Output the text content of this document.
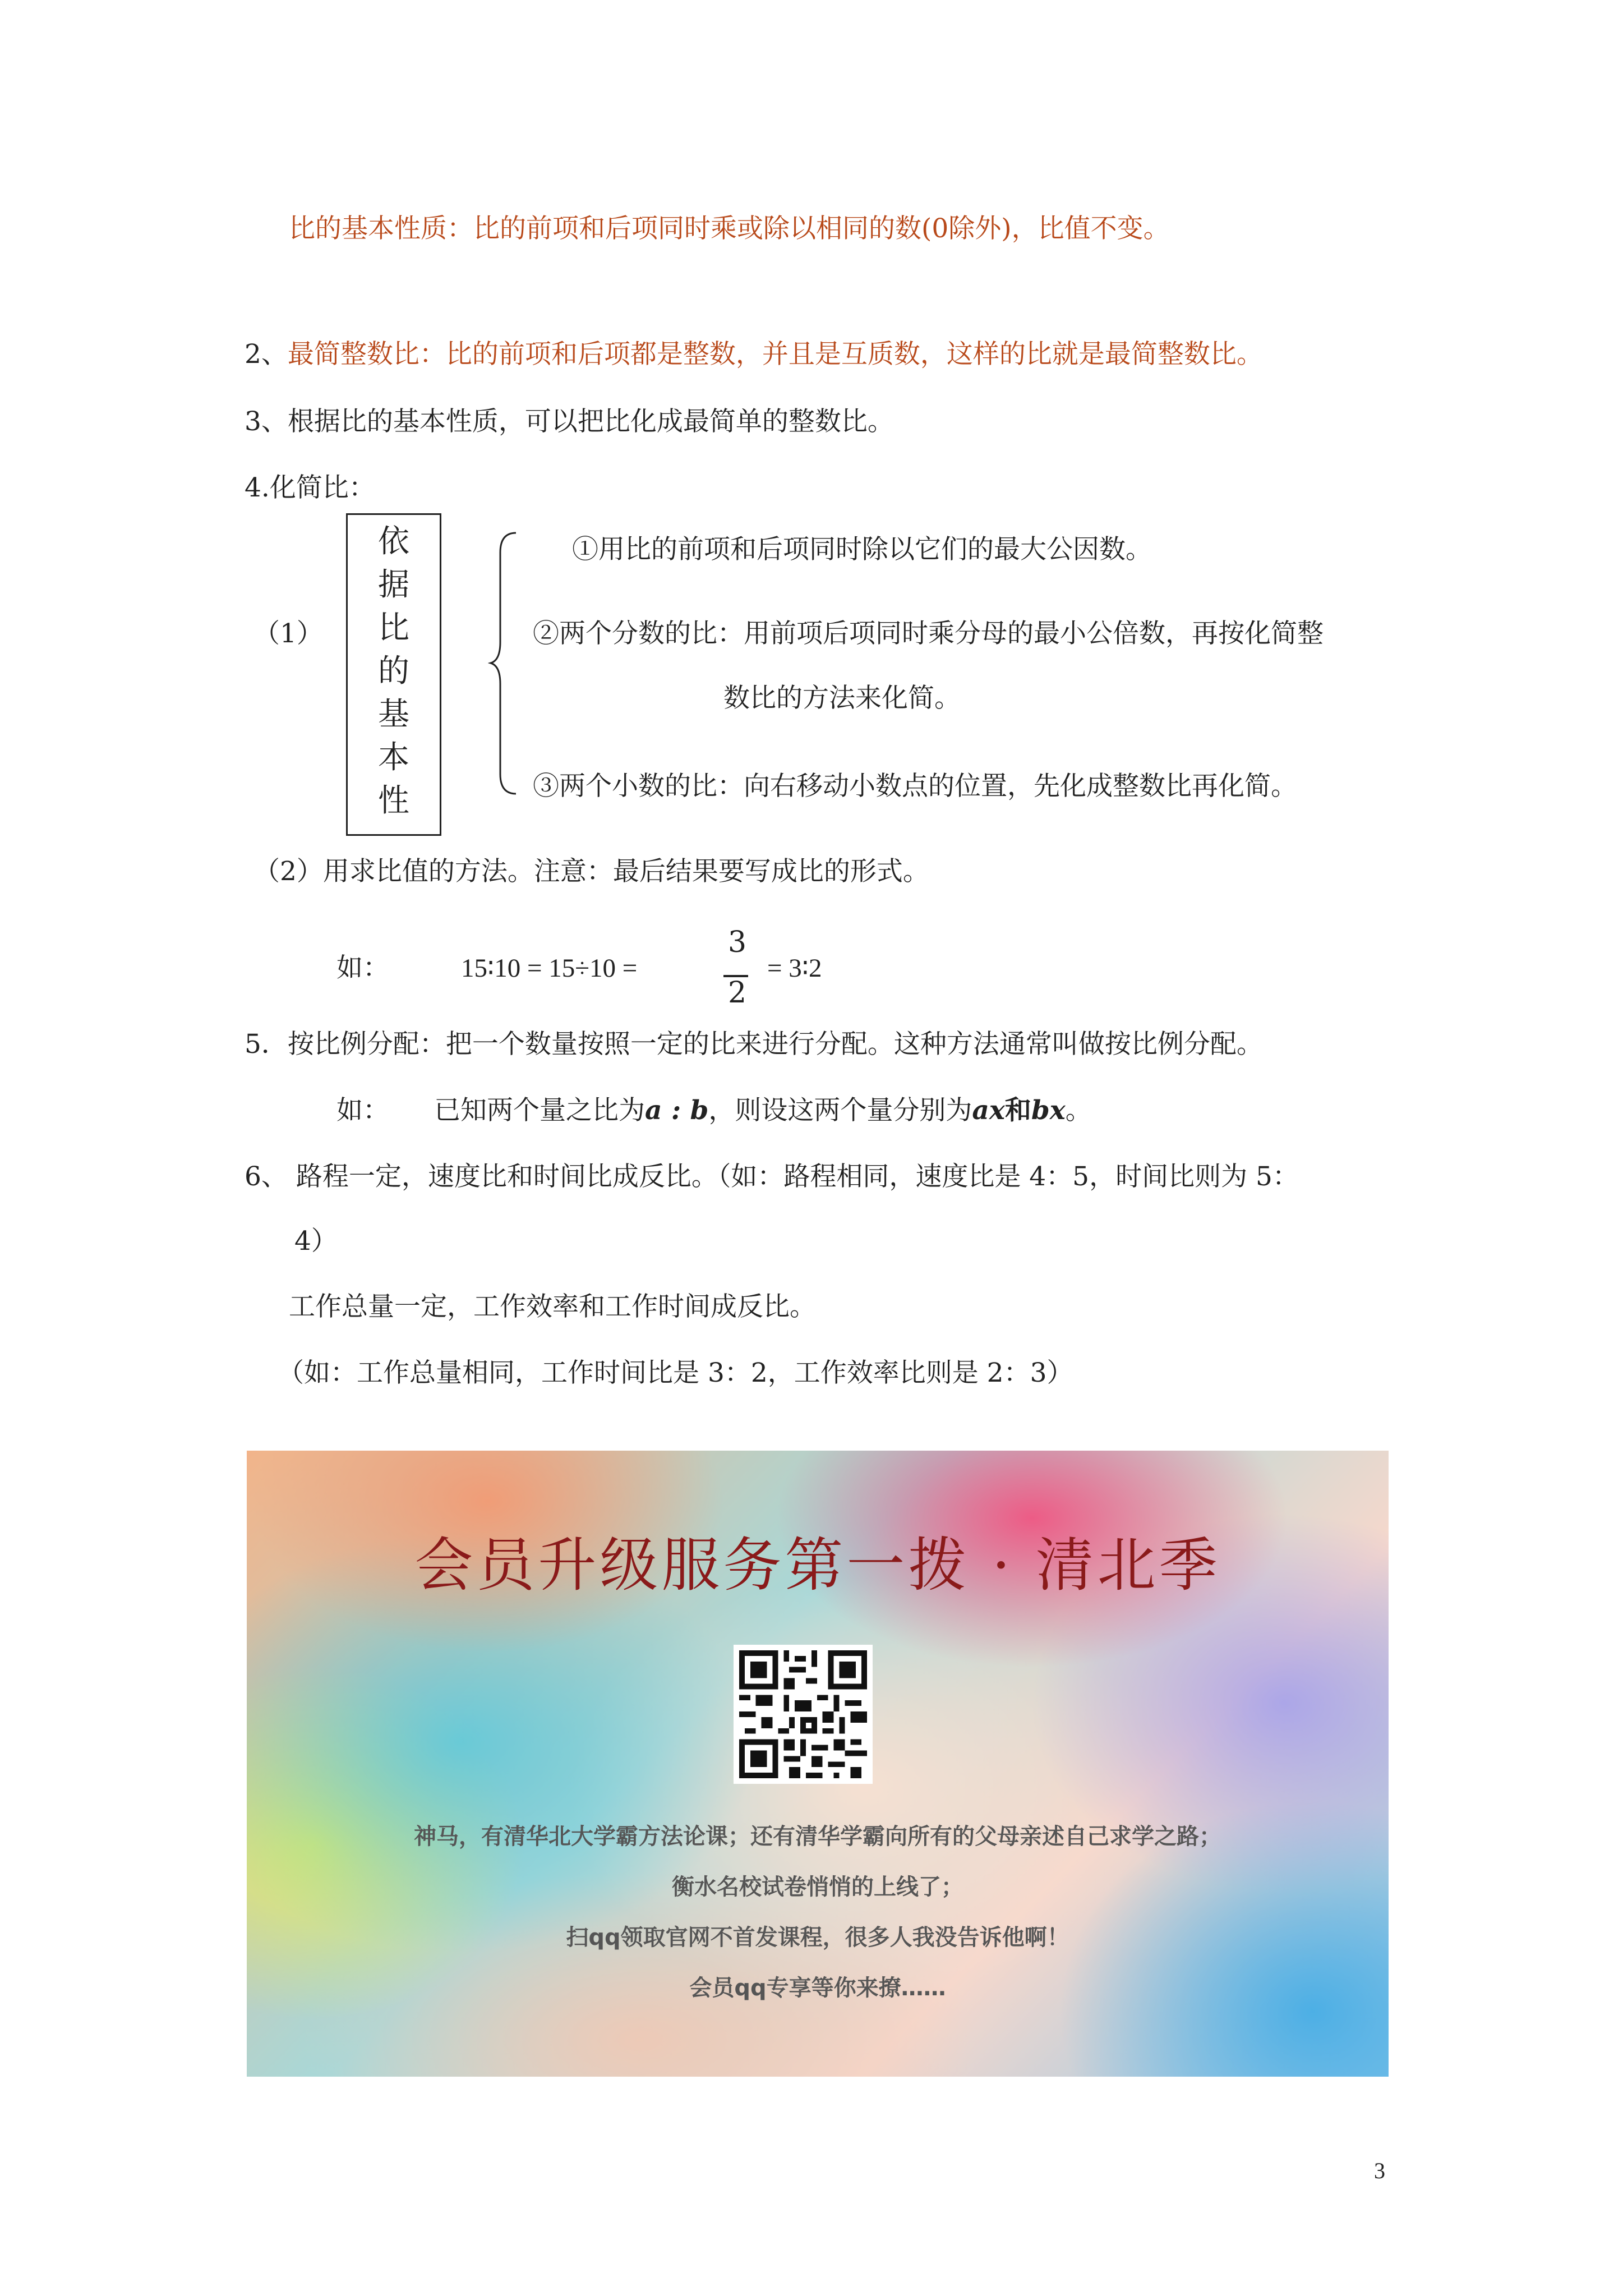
比的基本性质：比的前项和后项同时乘或除以相同的数(0除外)，比值不变。
2、最简整数比：比的前项和后项都是整数，并且是互质数，这样的比就是最简整数比。
3、根据比的基本性质，可以把比化成最简单的整数比。
4.化简比：
（1）
依
据
比
的
基
本
性
①用比的前项和后项同时除以它们的最大公因数。
②两个分数的比：用前项后项同时乘分母的最小公倍数，再按化简整
数比的方法来化简。
③两个小数的比：向右移动小数点的位置，先化成整数比再化简。
（2）用求比值的方法。注意：最后结果要写成比的形式。
如：	15∶10 = 15÷10 =
3
2
= 3∶2
5．按比例分配：把一个数量按照一定的比来进行分配。这种方法通常叫做按比例分配。
如： 已知两个量之比为a : b，则设这两个量分别为ax和bx。
6、 路程一定，速度比和时间比成反比。（如：路程相同，速度比是 4：5，时间比则为 5：
4）
工作总量一定，工作效率和工作时间成反比。
（如：工作总量相同，工作时间比是 3：2，工作效率比则是 2：3）
会员升级服务第一拨 · 清北季
神马，有清华北大学霸方法论课；还有清华学霸向所有的父母亲述自己求学之路；
衡水名校试卷悄悄的上线了；
扫qq领取官网不首发课程，很多人我没告诉他啊！
会员qq专享等你来撩……
3
